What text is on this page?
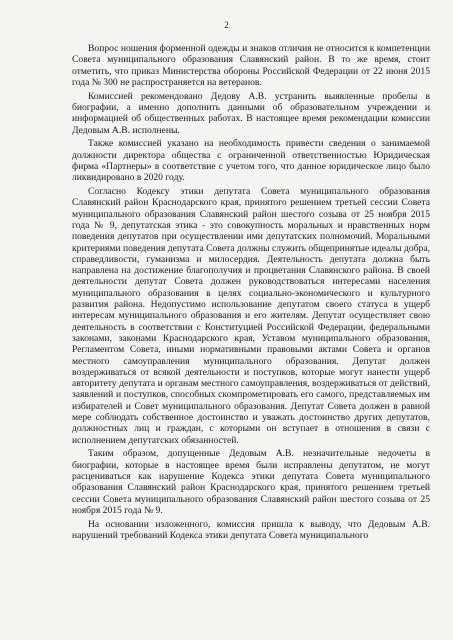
2

Вопрос ношения форменной одежды и знаков отличия не относится к компетенции Совета муниципального образования Славянский район. В то же время, стоит отметить, что приказ Министерства обороны Российской Федерации от 22 июня 2015 года № 300 не распространяется на ветеранов.

Комиссией рекомендовано Дедову А.В. устранить выявленные пробелы в биографии, а именно дополнить данными об образовательном учреждении и информацией об общественных работах. В настоящее время рекомендации комиссии Дедовым А.В. исполнены.

Также комиссией указано на необходимость привести сведения о занимаемой должности директора общества с ограниченной ответственностью Юридическая фирма «Партнеры» в соответствие с учетом того, что данное юридическое лицо было ликвидировано в 2020 году.

Согласно Кодексу этики депутата Совета муниципального образования Славянский район Краснодарского края, принятого решением третьей сессии Совета муниципального образования Славянский район шестого созыва от 25 ноября 2015 года № 9, депутатская этика - это совокупность моральных и нравственных норм поведения депутатов при осуществлении ими депутатских полномочий. Моральными критериями поведения депутата Совета должны служить общепринятые идеалы добра, справедливости, гуманизма и милосердия. Деятельность депутата должна быть направлена на достижение благополучия и процветания Славянского района. В своей деятельности депутат Совета должен руководствоваться интересами населения муниципального образования в целях социально-экономического и культурного развития района. Недопустимо использование депутатом своего статуса в ущерб интересам муниципального образования и его жителям. Депутат осуществляет свою деятельность в соответствии с Конституцией Российской Федерации, федеральными законами, законами Краснодарского края, Уставом муниципального образования, Регламентом Совета, иными нормативными правовыми актами Совета и органов местного самоуправления муниципального образования. Депутат должен воздерживаться от всякой деятельности и поступков, которые могут нанести ущерб авторитету депутата и органам местного самоуправления, воздерживаться от действий, заявлений и поступков, способных скомпрометировать его самого, представляемых им избирателей и Совет муниципального образования. Депутат Совета должен в равной мере соблюдать собственное достоинство и уважать достоинство других депутатов, должностных лиц и граждан, с которыми он вступает в отношения в связи с исполнением депутатских обязанностей.

Таким образом, допущенные Дедовым А.В. незначительные недочеты в биографии, которые в настоящее время были исправлены депутатом, не могут расцениваться как нарушение Кодекса этики депутата Совета муниципального образования Славянский район Краснодарского края, принятого решением третьей сессии Совета муниципального образования Славянский район шестого созыва от 25 ноября 2015 года № 9.

На основании изложенного, комиссия пришла к выводу, что Дедовым А.В. нарушений требований Кодекса этики депутата Совета муниципального
